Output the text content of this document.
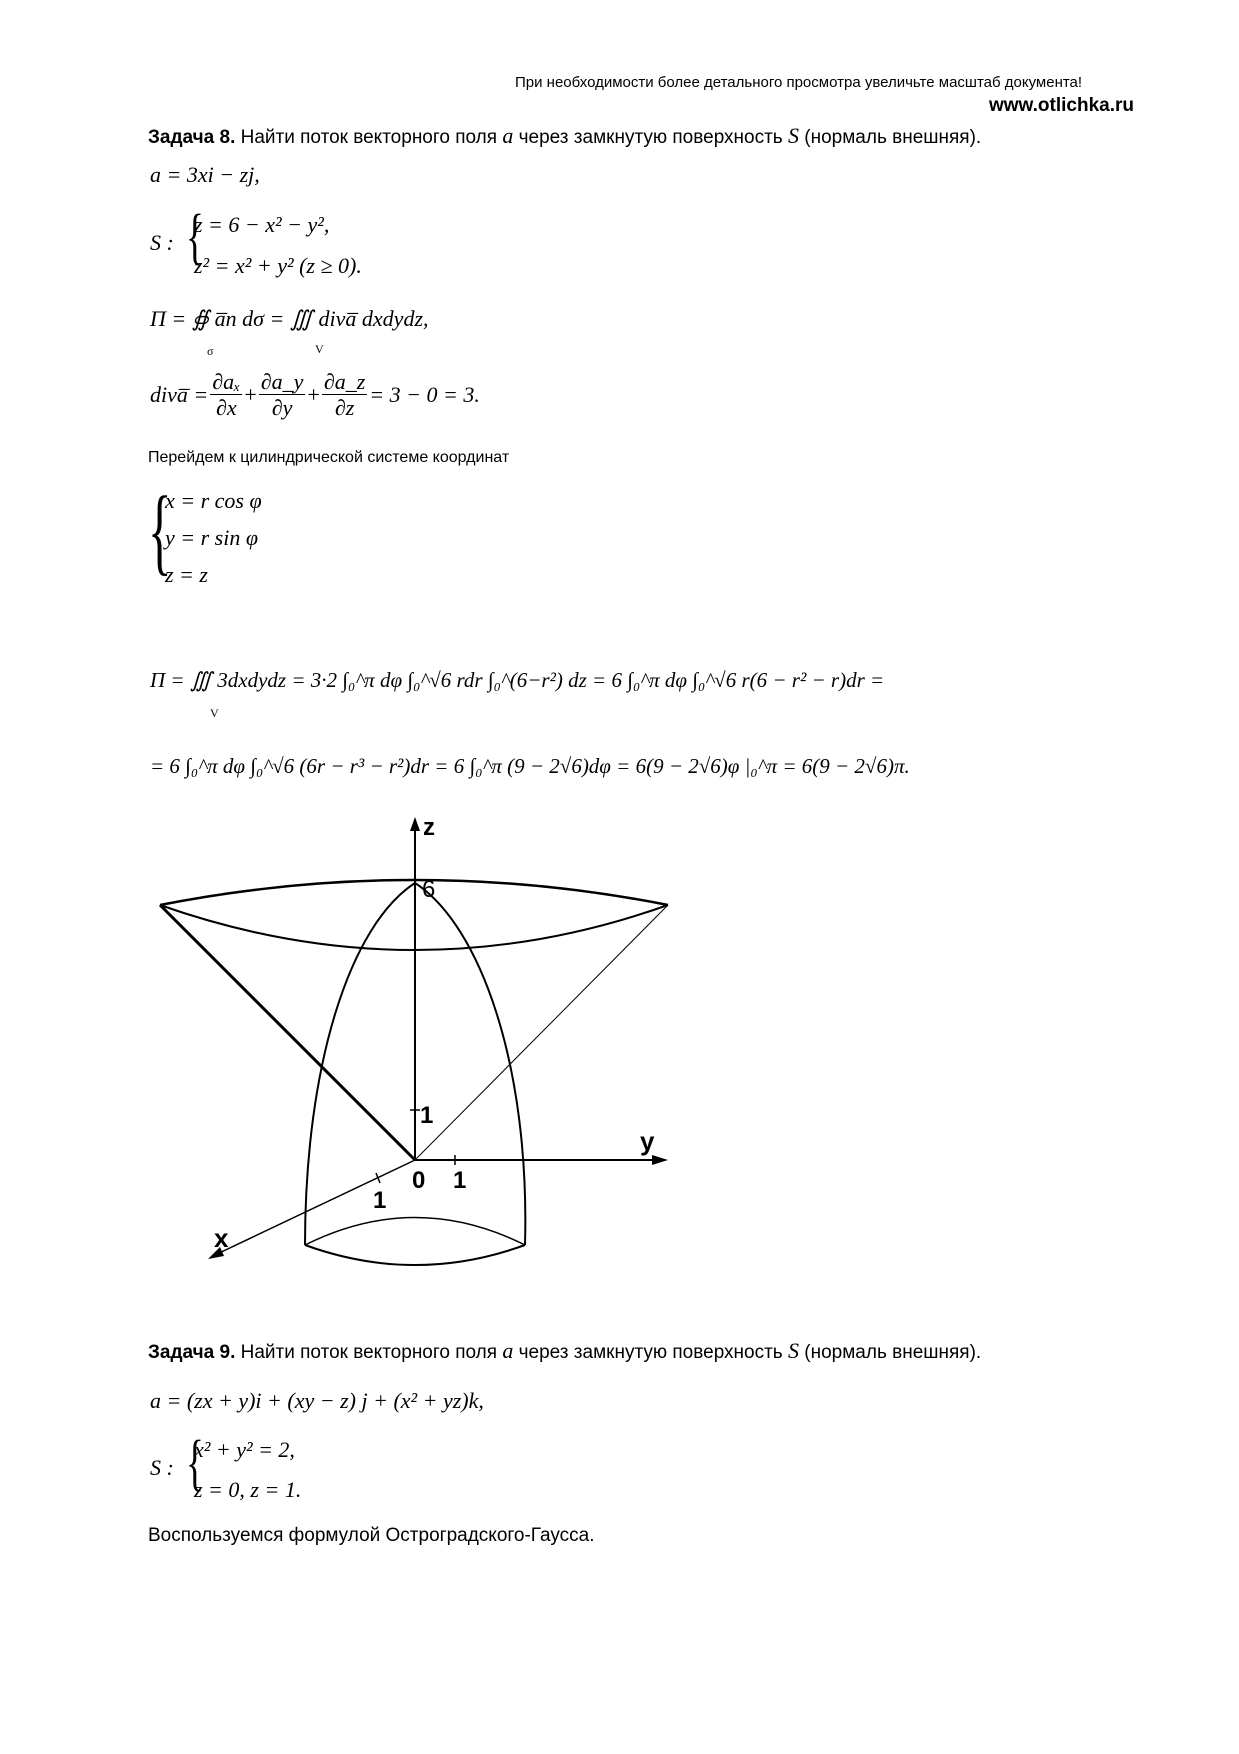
При необходимости более детального просмотра увеличьте масштаб документа!
www.otlichka.ru
Задача 8. Найти поток векторного поля a через замкнутую поверхность S (нормаль внешняя).
a = 3xi − zj,
S : {
z = 6 − x² − y²,
z² = x² + y² (z ≥ 0).
Π = ∯ a̅n dσ = ∭ diva̅ dxdydz,
σ	V
diva̅ = $\frac{\text{∂aₓ}}{\partial x} + \frac{\partial a\_y}{\partial y} + \frac{\partial a\_z}{\partial z} = 3 - 0 = 3$.
Перейдем к цилиндрической системе координат
{
x = r cos φ
y = r sin φ
z = z
Π = ∭ 3dxdydz = 3·2 ∫₀^π dφ ∫₀^√6 rdr ∫₀^(6−r²) dz = 6 ∫₀^π dφ ∫₀^√6 r(6 − r² − r)dr =
V
= 6 ∫₀^π dφ ∫₀^√6 (6r − r³ − r²)dr = 6 ∫₀^π (9 − 2√6)dφ = 6(9 − 2√6)φ |₀^π = 6(9 − 2√6)π.
z
6
1
y
0 1
1
x
Задача 9. Найти поток векторного поля a через замкнутую поверхность S (нормаль внешняя).
a = (zx + y)i + (xy − z) j + (x² + yz)k,
S : {
x² + y² = 2,
z = 0, z = 1.
Воспользуемся формулой Остроградского-Гаусса.
